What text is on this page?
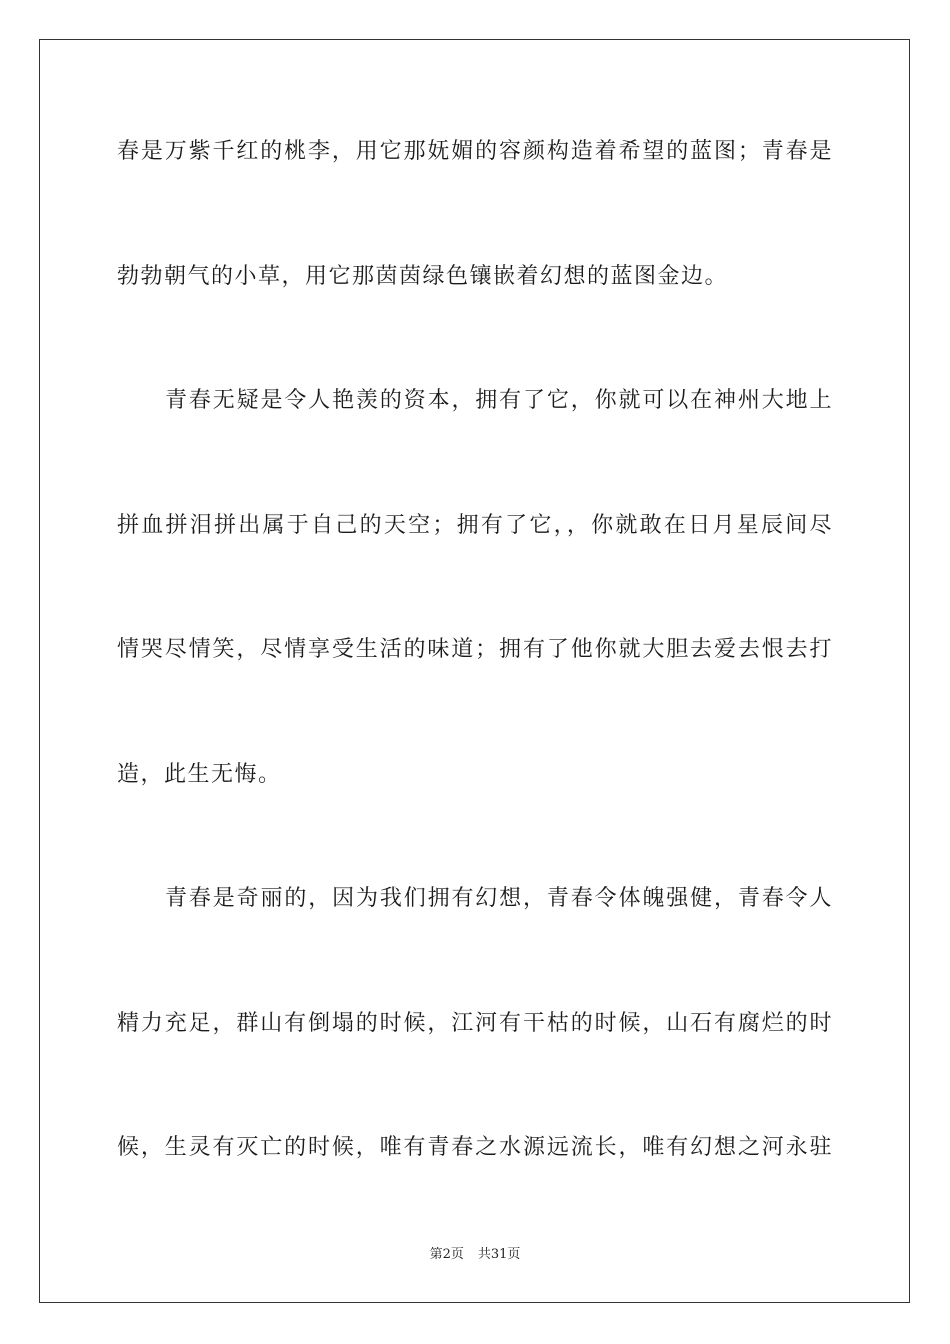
春是万紫千红的桃李，用它那妩媚的容颜构造着希望的蓝图；青春是
勃勃朝气的小草，用它那茵茵绿色镶嵌着幻想的蓝图金边。
青春无疑是令人艳羡的资本，拥有了它，你就可以在神州大地上
拼血拼泪拼出属于自己的天空；拥有了它，，你就敢在日月星辰间尽
情哭尽情笑，尽情享受生活的味道；拥有了他你就大胆去爱去恨去打
造，此生无悔。
青春是奇丽的，因为我们拥有幻想，青春令体魄强健，青春令人
精力充足，群山有倒塌的时候，江河有干枯的时候，山石有腐烂的时
候，生灵有灭亡的时候，唯有青春之水源远流长，唯有幻想之河永驻
第2页 共31页
